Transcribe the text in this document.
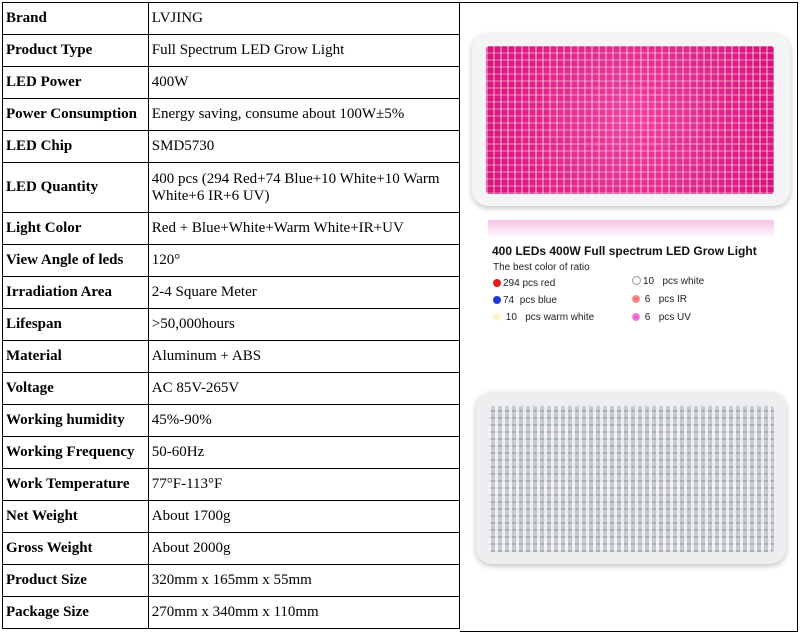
Brand	LVJING
Product Type	Full Spectrum LED Grow Light
LED Power	400W
Power Consumption	Energy saving, consume about 100W±5%
LED Chip	SMD5730
LED Quantity	400 pcs (294 Red+74 Blue+10 White+10 Warm White+6 IR+6 UV)
Light Color	Red + Blue+White+Warm White+IR+UV
View Angle of leds	120°
Irradiation Area	2-4 Square Meter
Lifespan	>50,000hours
Material	Aluminum + ABS
Voltage	AC 85V-265V
Working humidity	45%-90%
Working Frequency	50-60Hz
Work Temperature	77°F-113°F
Net Weight	About 1700g
Gross Weight	About 2000g
Product Size	320mm x 165mm x 55mm
Package Size	270mm x 340mm x 110mm
400 LEDs 400W Full spectrum LED Grow Light
The best color of ratio
294 pcs red	10 pcs white
74 pcs blue	6 pcs IR
10 pcs warm white	6 pcs UV
